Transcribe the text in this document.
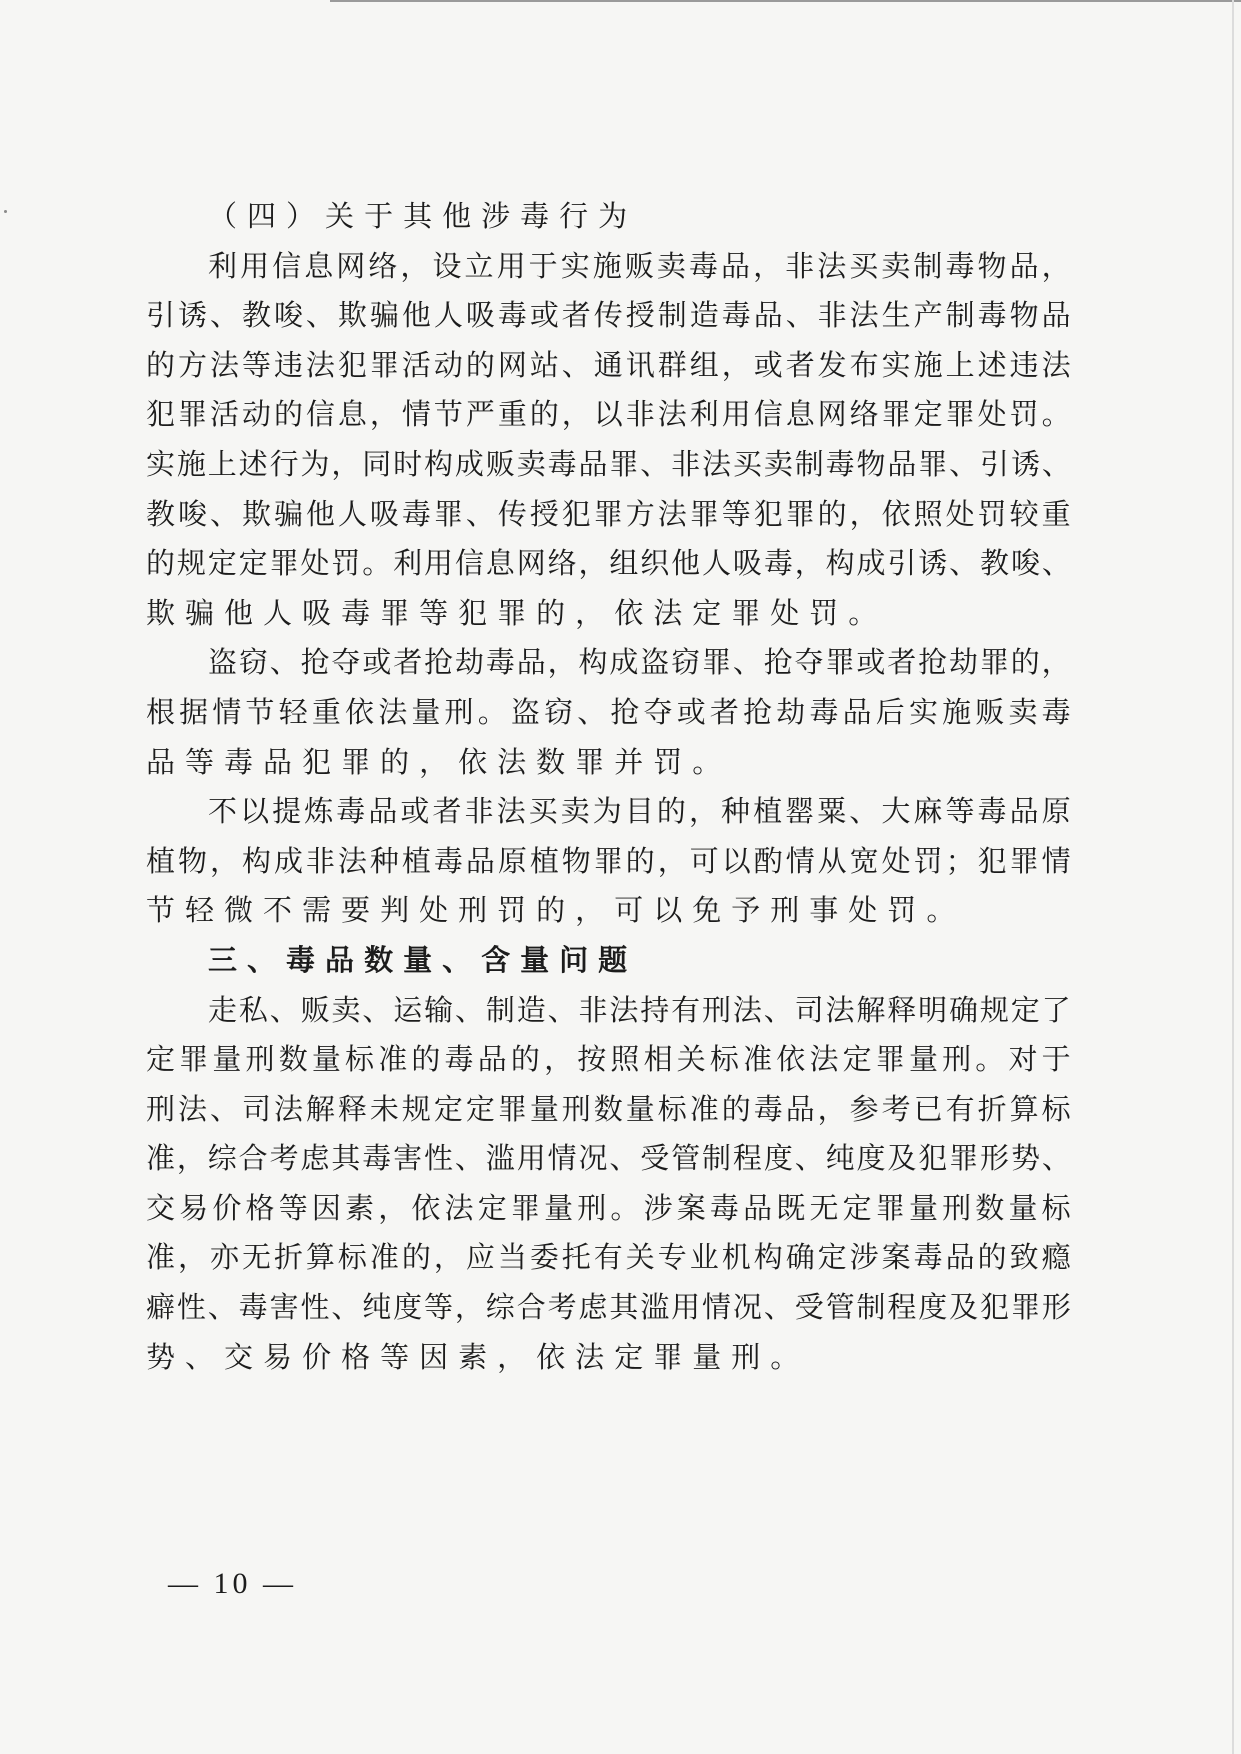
（ 四 ） 关 于 其 他 涉 毒 行 为
利 用 信 息 网 络 ， 设 立 用 于 实 施 贩 卖 毒 品 ， 非 法 买 卖 制 毒 物 品 ，
引 诱 、 教 唆 、 欺 骗 他 人 吸 毒 或 者 传 授 制 造 毒 品 、 非 法 生 产 制 毒 物 品
的 方 法 等 违 法 犯 罪 活 动 的 网 站 、 通 讯 群 组 ， 或 者 发 布 实 施 上 述 违 法
犯 罪 活 动 的 信 息 ， 情 节 严 重 的 ， 以 非 法 利 用 信 息 网 络 罪 定 罪 处 罚 。
实 施 上 述 行 为 ， 同 时 构 成 贩 卖 毒 品 罪 、 非 法 买 卖 制 毒 物 品 罪 、 引 诱 、
教 唆 、 欺 骗 他 人 吸 毒 罪 、 传 授 犯 罪 方 法 罪 等 犯 罪 的 ， 依 照 处 罚 较 重
的 规 定 定 罪 处 罚 。 利 用 信 息 网 络 ， 组 织 他 人 吸 毒 ， 构 成 引 诱 、 教 唆 、
欺 骗 他 人 吸 毒 罪 等 犯 罪 的 ， 依 法 定 罪 处 罚 。
盗 窃 、 抢 夺 或 者 抢 劫 毒 品 ， 构 成 盗 窃 罪 、 抢 夺 罪 或 者 抢 劫 罪 的 ，
根 据 情 节 轻 重 依 法 量 刑 。 盗 窃 、 抢 夺 或 者 抢 劫 毒 品 后 实 施 贩 卖 毒
品 等 毒 品 犯 罪 的 ， 依 法 数 罪 并 罚 。
不 以 提 炼 毒 品 或 者 非 法 买 卖 为 目 的 ， 种 植 罂 粟 、 大 麻 等 毒 品 原
植 物 ， 构 成 非 法 种 植 毒 品 原 植 物 罪 的 ， 可 以 酌 情 从 宽 处 罚 ； 犯 罪 情
节 轻 微 不 需 要 判 处 刑 罚 的 ， 可 以 免 予 刑 事 处 罚 。
三 、 毒 品 数 量 、 含 量 问 题
走 私 、 贩 卖 、 运 输 、 制 造 、 非 法 持 有 刑 法 、 司 法 解 释 明 确 规 定 了
定 罪 量 刑 数 量 标 准 的 毒 品 的 ， 按 照 相 关 标 准 依 法 定 罪 量 刑 。 对 于
刑 法 、 司 法 解 释 未 规 定 定 罪 量 刑 数 量 标 准 的 毒 品 ， 参 考 已 有 折 算 标
准 ， 综 合 考 虑 其 毒 害 性 、 滥 用 情 况 、 受 管 制 程 度 、 纯 度 及 犯 罪 形 势 、
交 易 价 格 等 因 素 ， 依 法 定 罪 量 刑 。 涉 案 毒 品 既 无 定 罪 量 刑 数 量 标
准 ， 亦 无 折 算 标 准 的 ， 应 当 委 托 有 关 专 业 机 构 确 定 涉 案 毒 品 的 致 瘾
癖 性 、 毒 害 性 、 纯 度 等 ， 综 合 考 虑 其 滥 用 情 况 、 受 管 制 程 度 及 犯 罪 形
势 、 交 易 价 格 等 因 素 ， 依 法 定 罪 量 刑 。
— 10 —
